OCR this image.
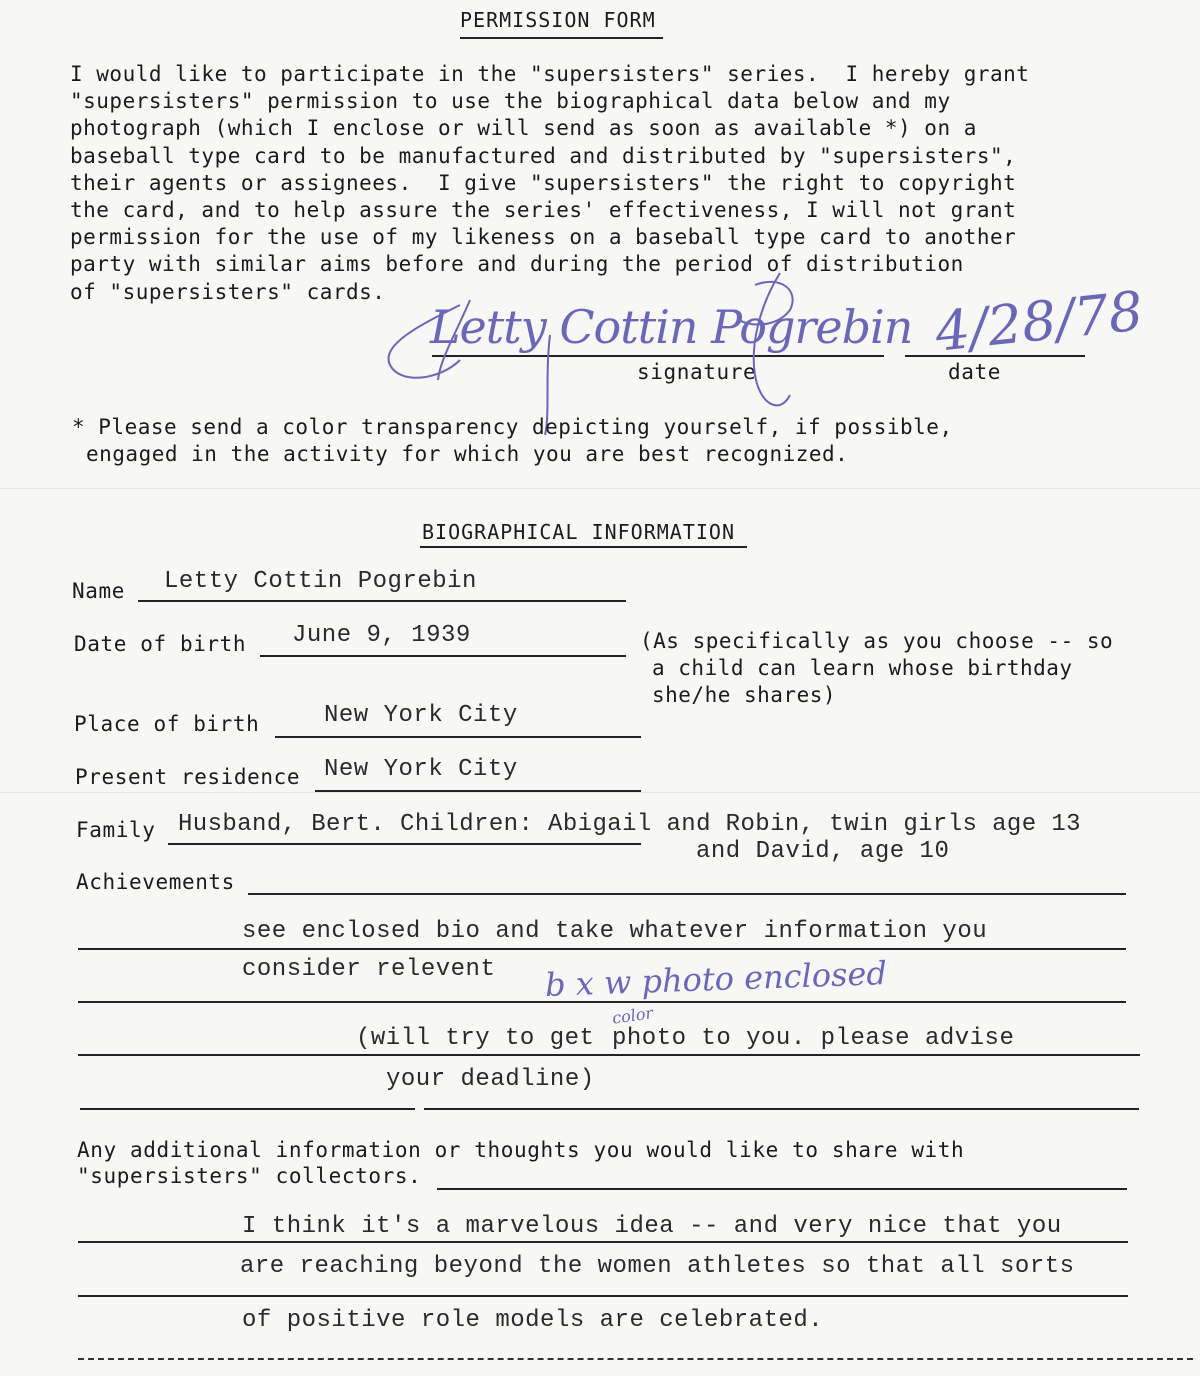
PERMISSION FORM
I would like to participate in the "supersisters" series.  I hereby grant
"supersisters" permission to use the biographical data below and my
photograph (which I enclose or will send as soon as available *) on a
baseball type card to be manufactured and distributed by "supersisters",
their agents or assignees.  I give "supersisters" the right to copyright
the card, and to help assure the series' effectiveness, I will not grant
permission for the use of my likeness on a baseball type card to another
party with similar aims before and during the period of distribution
of "supersisters" cards.
signature	date
Letty Cottin Pogrebin 4/28/78
* Please send a color transparency depicting yourself, if possible,
engaged in the activity for which you are best recognized.
BIOGRAPHICAL INFORMATION
Name Letty Cottin Pogrebin
Date of birth June 9, 1939	(As specifically as you choose -- so
a child can learn whose birthday
she/he shares)
Place of birth	New York City
Present residence New York City
Family Husband, Bert. Children: Abigail and Robin, twin girls age 13
and David, age 10
Achievements
see enclosed bio and take whatever information you
consider relevent b x w photo enclosed
(will try to get
color
photo to you. please advise
your deadline)
Any additional information or thoughts you would like to share with
"supersisters" collectors.
I think it's a marvelous idea -- and very nice that you
are reaching beyond the women athletes so that all sorts
of positive role models are celebrated.
